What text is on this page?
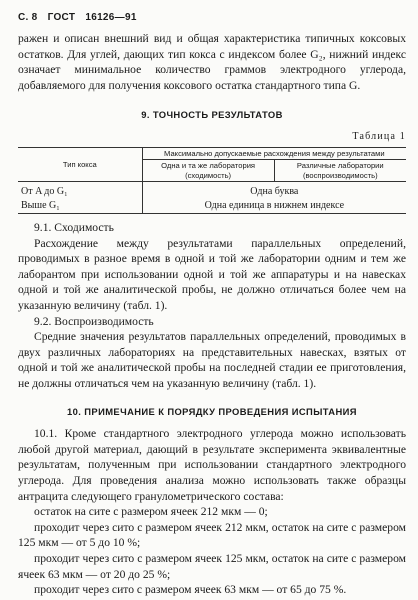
С. 8 ГОСТ 16126—91

ражен и описан внешний вид и общая характеристика типичных коксовых остатков. Для углей, дающих тип кокса с индексом более G₂, нижний индекс означает минимальное количество граммов электродного углерода, добавляемого для получения коксового остатка стандартного типа G.

9. ТОЧНОСТЬ РЕЗУЛЬТАТОВ
Таблица 1
Тип кокса	Максимально допускаемые расхождения между результатами	
	Одна и та же лаборатория (сходимость)	Различные лаборатории (воспроизводимость)
От A до G₁	Одна буква	
Выше G₁	Одна единица в нижнем индексе	

9.1. Сходимость

Расхождение между результатами параллельных определений, проводимых в разное время в одной и той же лаборатории одним и тем же лаборантом при использовании одной и той же аппаратуры и на навесках одной и той же аналитической пробы, не должно отличаться более чем на указанную величину (табл. 1).

9.2. Воспроизводимость

Средние значения результатов параллельных определений, проводимых в двух различных лабораториях на представительных навесках, взятых от одной и той же аналитической пробы на последней стадии ее приготовления, не должны отличаться чем на указанную величину (табл. 1).

10. ПРИМЕЧАНИЕ К ПОРЯДКУ ПРОВЕДЕНИЯ ИСПЫТАНИЯ

10.1. Кроме стандартного электродного углерода можно использовать любой другой материал, дающий в результате эксперимента эквивалентные результатам, полученным при использовании стандартного электродного углерода. Для проведения анализа можно использовать также образцы антрацита следующего гранулометрического состава:

остаток на сите с размером ячеек 212 мкм — 0;

проходит через сито с размером ячеек 212 мкм, остаток на сите с размером 125 мкм — от 5 до 10 %;

проходит через сито с размером ячеек 125 мкм, остаток на сите с размером ячеек 63 мкм — от 20 до 25 %;

проходит через сито с размером ячеек 63 мкм — от 65 до 75 %.
